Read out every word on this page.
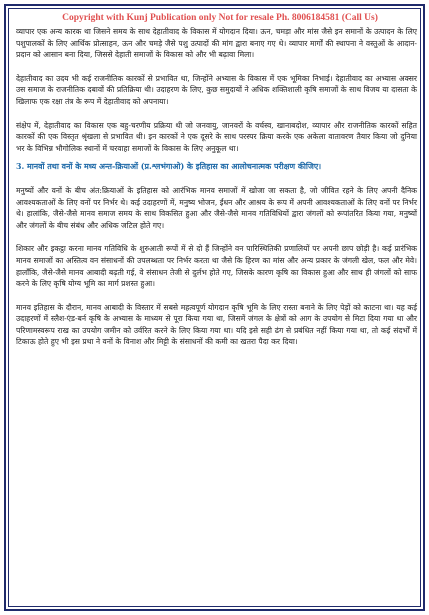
Copyright with Kunj Publication only Not for resale Ph. 8006184581 (Call Us)

व्यापार एक अन्य कारक था जिसने समय के साथ देहातीवाद के विकास में योगदान दिया। ऊन, चमड़ा और मांस जैसे इन समानों के उत्पादन के लिए पशुपालकों के लिए आर्थिक प्रोत्साहन, ऊन और चमड़े जैसे पशु उत्पादों की मांग द्वारा बनाए गए थे। व्यापार मार्गों की स्थापना ने वस्तुओं के आदान-प्रदान को आसान बना दिया, जिससे देहाती समाजों के विकास को और भी बढ़ावा मिला।

देहातीवाद का उदय भी कई राजनीतिक कारकों से प्रभावित था, जिन्होंने अभ्यास के विकास में एक भूमिका निभाई। देहातीवाद का अभ्यास अक्सर उस समाज के राजनीतिक दबावों की प्रतिक्रिया थी। उदाहरण के लिए, कुछ समुदायों ने अधिक शक्तिशाली कृषि समाजों के साथ विजय या दासता के खिलाफ एक रक्षा तंत्र के रूप में देहातीवाद को अपनाया।

संक्षेप में, देहातीवाद का विकास एक बहु-चरणीय प्रक्रिया थी जो जनवायु, जानवरों के वर्चस्व, खानाबदोश, व्यापार और राजनीतिक कारकों सहित कारकों की एक विस्तृत श्रृंखला से प्रभावित थी। इन कारकों ने एक दूसरे के साथ परस्पर क्रिया करके एक अकेला वातावरण तैयार किया जो दुनिया भर के विभिन्न भौगोलिक स्थानों में चरवाहा समाजों के विकास के लिए अनुकूल था।

3. मानवों तथा वनों के मध्य अन्त-क्रियाओं (प्र.श्लभंगाओ) के इतिहास का आलोचनात्मक परीक्षण कीजिए।

मनुष्यों और वनों के बीच अंत:क्रियाओं के इतिहास को आरंभिक मानव समाजों में खोजा जा सकता है, जो जीवित रहने के लिए अपनी दैनिक आवश्यकताओं के लिए वनों पर निर्भर थे। कई उदाहरणों में, मनुष्य भोजन, ईंधन और आश्रय के रूप में अपनी आवश्यकताओं के लिए वनों पर निर्भर थे। हालांकि, जैसे-जैसे मानव समाज समय के साथ विकसित हुआ और जैसे-जैसे मानव गतिविधियों द्वारा जंगलों को रूपांतरित किया गया, मनुष्यों और जंगलों के बीच संबंध और अधिक जटिल होते गए।

शिकार और इकट्ठा करना मानव गतिविधि के शुरुआती रूपों में से दो हैं जिन्होंने वन पारिस्थितिकी प्रणालियों पर अपनी छाप छोड़ी है। कई प्रारंभिक मानव समाजों का अस्तित्व वन संसाधनों की उपलब्धता पर निर्भर करता था जैसे कि हिरण का मांस और अन्य प्रकार के जंगली खेल, फल और मेवे। हालाँकि, जैसे-जैसे मानव आबादी बढ़ती गई, वे संसाधन तेजी से दुर्लभ होते गए, जिसके कारण कृषि का विकास हुआ और साथ ही जंगलों को साफ करने के लिए कृषि योग्य भूमि का मार्ग प्रशस्त हुआ।

मानव इतिहास के दौरान, मानव आबादी के विस्तार में सबसे महत्वपूर्ण योगदान कृषि भूमि के लिए रास्ता बनाने के लिए पेड़ों को काटना था। यह कई उदाहरणों में स्लैश-एंड-बर्न कृषि के अभ्यास के माध्यम से पूरा किया गया था, जिसमें जंगल के क्षेत्रों को आग के उपयोग से मिटा दिया गया था और परिणामस्वरूप राख का उपयोग जमीन को उर्वरित करने के लिए किया गया था। यदि इसे सही ढंग से प्रबंधित नहीं किया गया था, तो कई संदर्भों में टिकाऊ होते हुए भी इस प्रथा ने वनों के विनाश और मिट्टी के संसाधनों की कमी का खतरा पैदा कर दिया।
